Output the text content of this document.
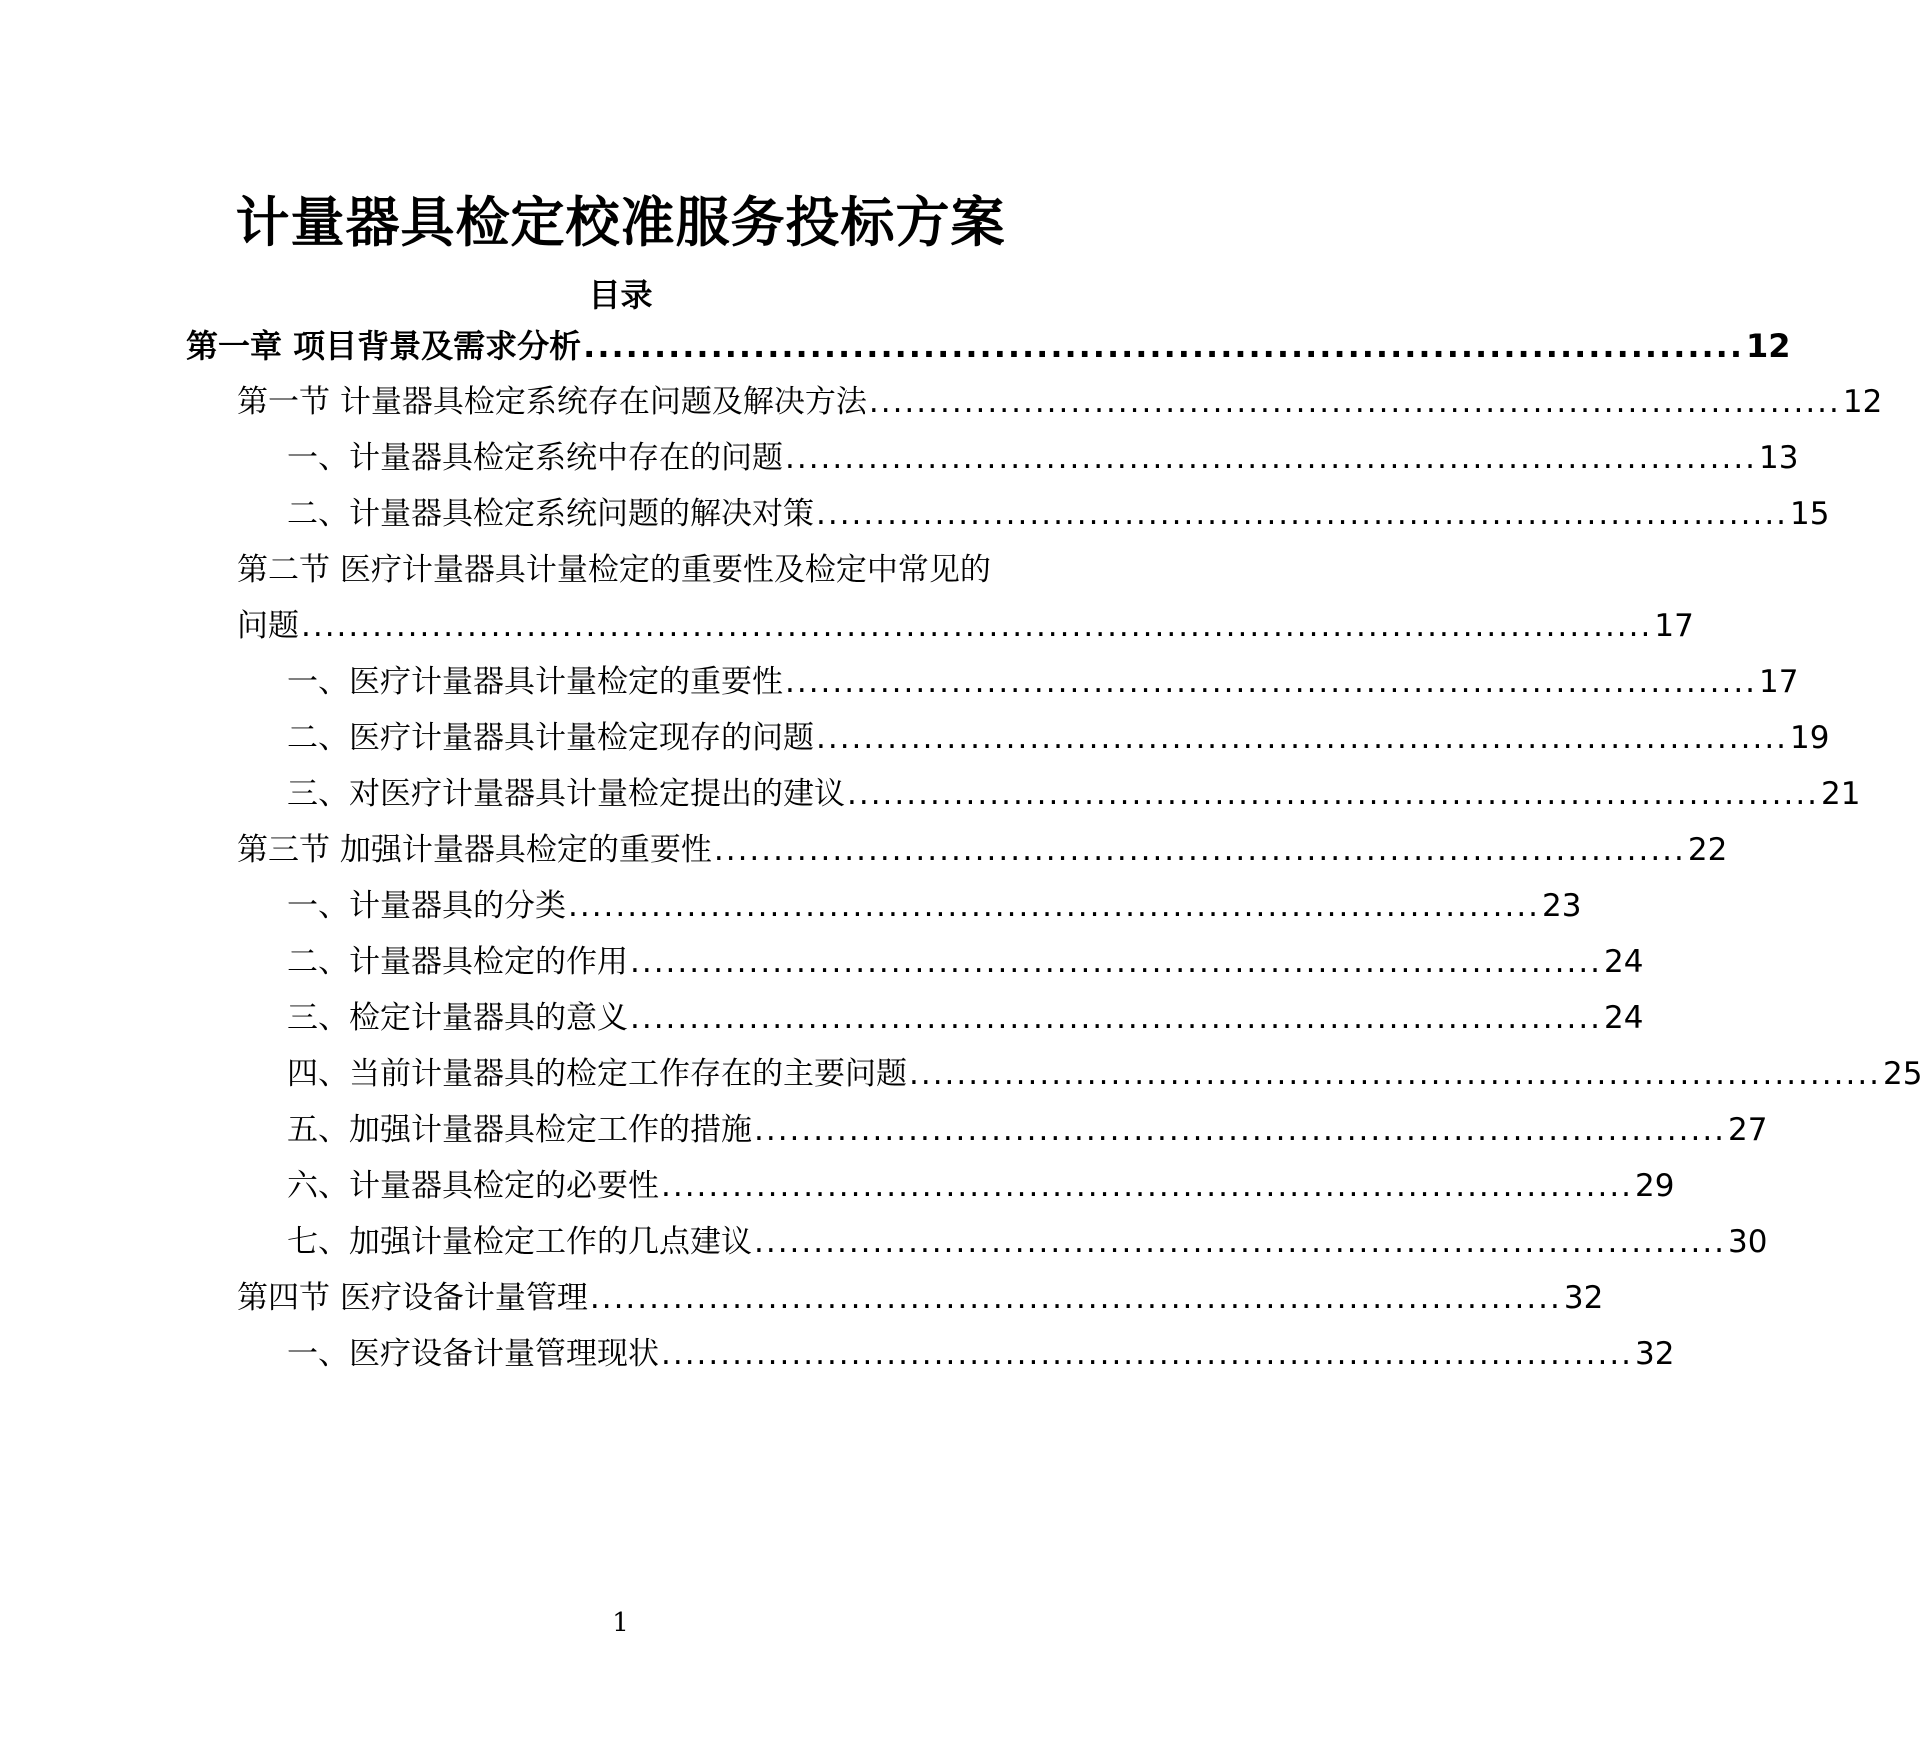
计量器具检定校准服务投标方案
目录
第一章 项目背景及需求分析 .................................................................................. 12
第一节 计量器具检定系统存在问题及解决方法 .................................................................................. 12
一、计量器具检定系统中存在的问题 .................................................................................. 13
二、计量器具检定系统问题的解决对策 .................................................................................. 15
第二节 医疗计量器具计量检定的重要性及检定中常见的
问题 .................................................................................................................. 17
一、医疗计量器具计量检定的重要性 .................................................................................. 17
二、医疗计量器具计量检定现存的问题 .................................................................................. 19
三、对医疗计量器具计量检定提出的建议 .................................................................................. 21
第三节 加强计量器具检定的重要性 .................................................................................. 22
一、计量器具的分类 .................................................................................. 23
二、计量器具检定的作用 .................................................................................. 24
三、检定计量器具的意义 .................................................................................. 24
四、当前计量器具的检定工作存在的主要问题 .................................................................................. 25
五、加强计量器具检定工作的措施 .................................................................................. 27
六、计量器具检定的必要性 .................................................................................. 29
七、加强计量检定工作的几点建议 .................................................................................. 30
第四节 医疗设备计量管理 .................................................................................. 32
一、医疗设备计量管理现状 .................................................................................. 32
1
